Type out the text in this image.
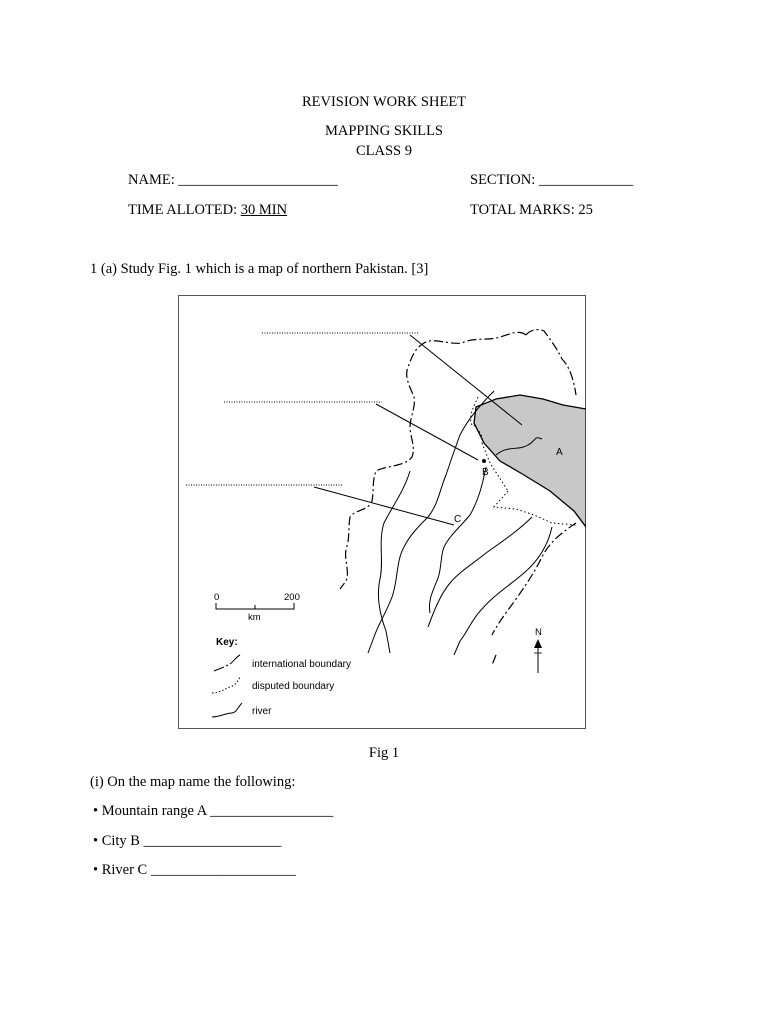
REVISION WORK SHEET
MAPPING SKILLS
CLASS 9
NAME: ______________________	SECTION: _____________
TIME ALLOTED: 30 MIN	TOTAL MARKS: 25
1 (a) Study Fig. 1 which is a map of northern Pakistan. [3]
A
B
C
0	200
km
N
Key:
international boundary
disputed boundary
river
Fig 1
(i) On the map name the following:
• Mountain range A _________________
• City B ___________________
• River C ____________________
